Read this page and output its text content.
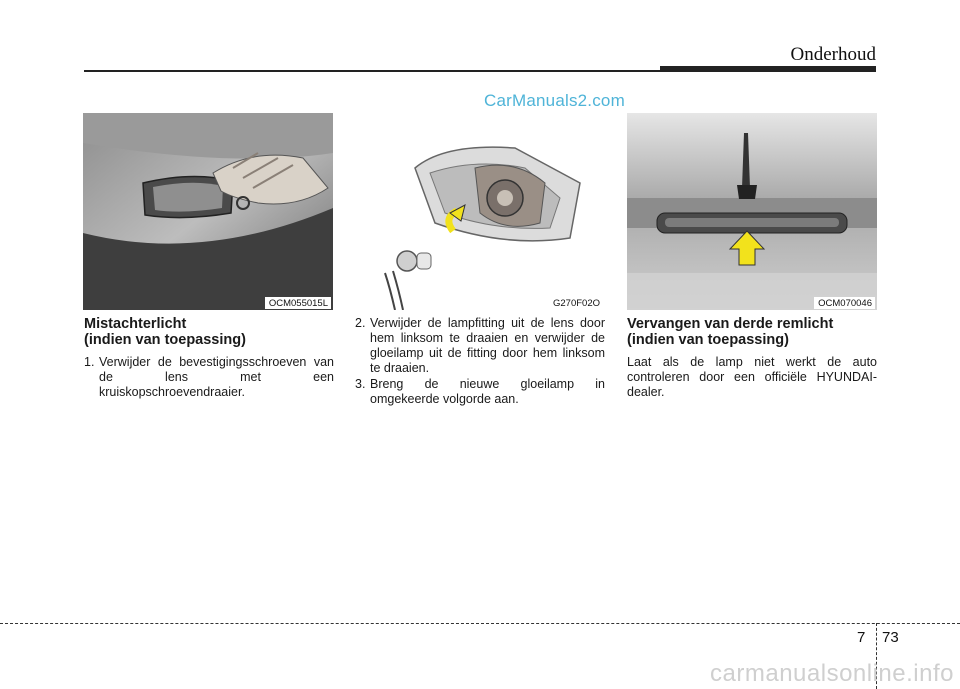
Onderhoud
CarManuals2.com
OCM055015L	G270F02O	OCM070046
Mistachterlicht
(indien van toepassing)
1. Verwijder de bevestigingsschroeven van de lens met een kruiskopschroevendraaier.
2. Verwijder de lampfitting uit de lens door hem linksom te draaien en verwijder de gloeilamp uit de fitting door hem linksom te draaien.
3. Breng de nieuwe gloeilamp in omgekeerde volgorde aan.
Vervangen van derde remlicht
(indien van toepassing)

Laat als de lamp niet werkt de auto controleren door een officiële HYUNDAI-dealer.

7 73
carmanualsonline.info
